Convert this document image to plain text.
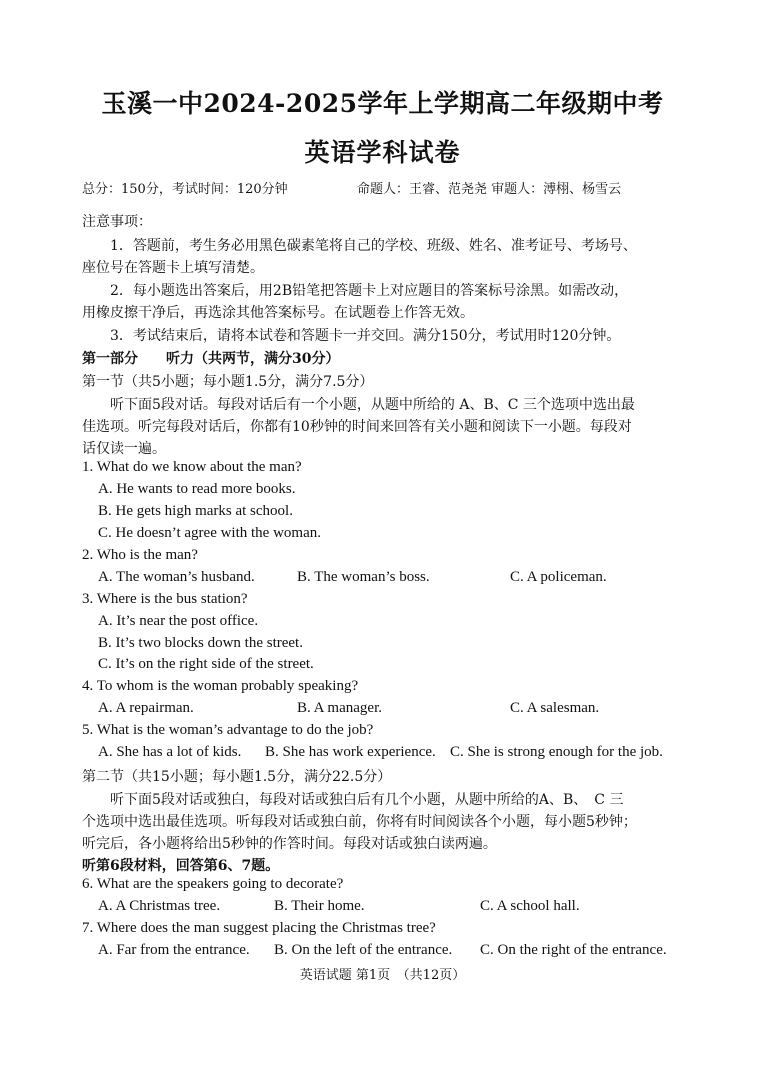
玉溪一中2024-2025学年上学期高二年级期中考
英语学科试卷
总分：150分，考试时间：120分钟	命题人：王睿、范尧尧 审题人：溥栩、杨雪云
注意事项：
1．答题前，考生务必用黑色碳素笔将自己的学校、班级、姓名、准考证号、考场号、
座位号在答题卡上填写清楚。
2．每小题选出答案后，用2B铅笔把答题卡上对应题目的答案标号涂黑。如需改动，
用橡皮擦干净后，再选涂其他答案标号。在试题卷上作答无效。
3．考试结束后，请将本试卷和答题卡一并交回。满分150分，考试用时120分钟。
第一部分　　听力（共两节，满分30分）
第一节（共5小题；每小题1.5分，满分7.5分）
听下面5段对话。每段对话后有一个小题，从题中所给的 A、B、C 三个选项中选出最
佳选项。听完每段对话后，你都有10秒钟的时间来回答有关小题和阅读下一小题。每段对
话仅读一遍。
1. What do we know about the man?
A. He wants to read more books.
B. He gets high marks at school.
C. He doesn’t agree with the woman.
2. Who is the man?
A. The woman’s husband.	B. The woman’s boss.	C. A policeman.
3. Where is the bus station?
A. It’s near the post office.
B. It’s two blocks down the street.
C. It’s on the right side of the street.
4. To whom is the woman probably speaking?
A. A repairman.	B. A manager.	C. A salesman.
5. What is the woman’s advantage to do the job?
A. She has a lot of kids. B. She has work experience. C. She is strong enough for the job.
第二节（共15小题；每小题1.5分，满分22.5分）
听下面5段对话或独白，每段对话或独白后有几个小题，从题中所给的A、B、　C 三
个选项中选出最佳选项。听每段对话或独白前，你将有时间阅读各个小题，每小题5秒钟；
听完后，各小题将给出5秒钟的作答时间。每段对话或独白读两遍。
听第6段材料，回答第6、7题。
6. What are the speakers going to decorate?
A. A Christmas tree.	B. Their home.	C. A school hall.
7. Where does the man suggest placing the Christmas tree?
A. Far from the entrance. B. On the left of the entrance. C. On the right of the entrance.
英语试题 第1页　（共12页）
